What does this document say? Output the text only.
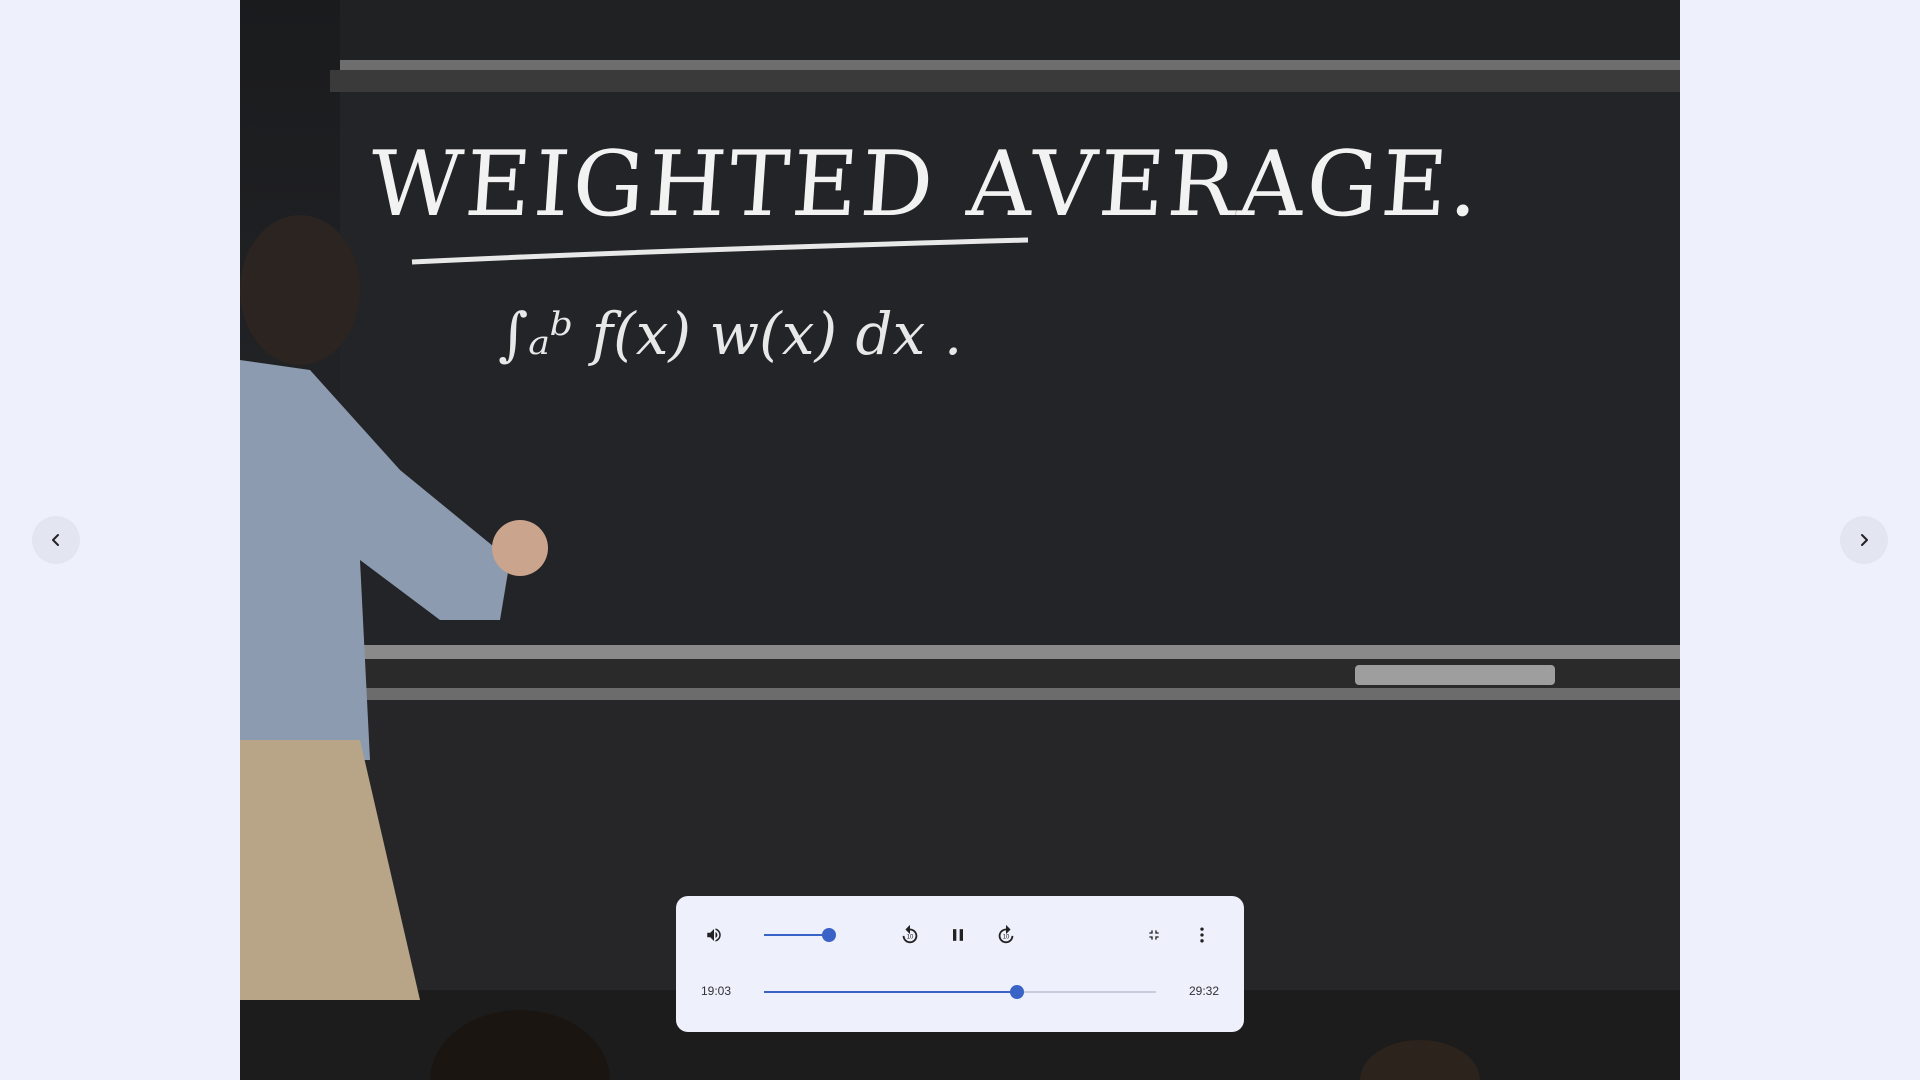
WEIGHTED AVERAGE.
∫ₐᵇ f(x) w(x) dx .
10	10
19:03	29:32
